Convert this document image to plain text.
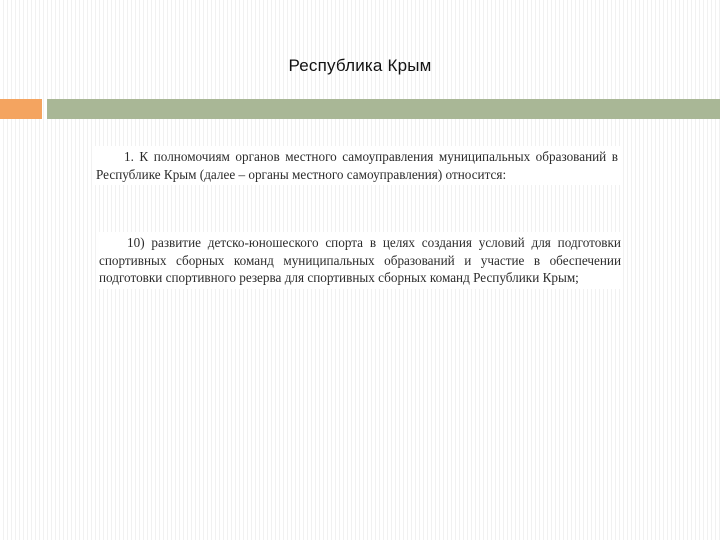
Республика Крым

1. К полномочиям органов местного самоуправления муниципальных образований в Республике Крым (далее – органы местного самоуправления) относится:

10) развитие детско-юношеского спорта в целях создания условий для подготовки спортивных сборных команд муниципальных образований и участие в обеспечении подготовки спортивного резерва для спортивных сборных команд Республики Крым;
